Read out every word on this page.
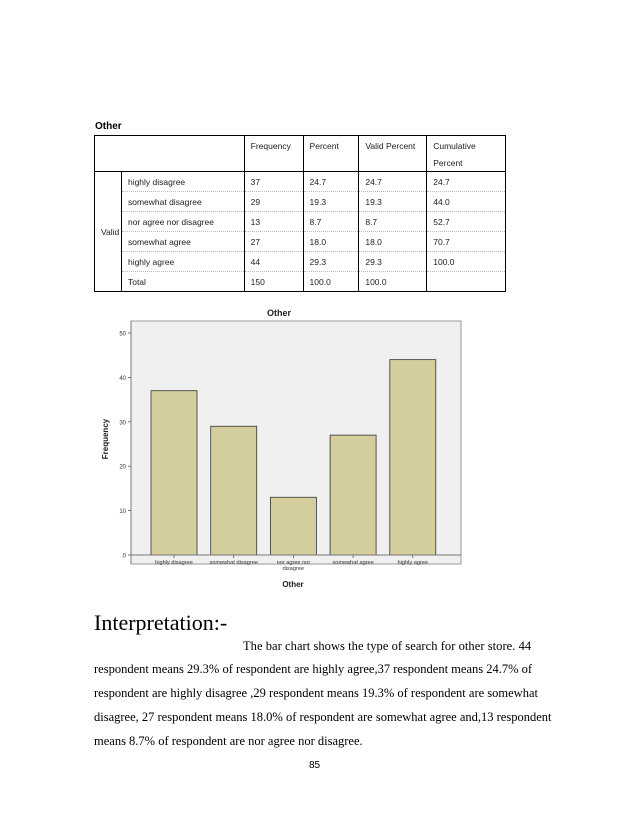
Other
		Frequency	Percent	Valid Percent	Cumulative
					Percent
Valid	highly disagree	37	24.7	24.7	24.7
	somewhat disagree	29	19.3	19.3	44.0
	nor agree nor disagree	13	8.7	8.7	52.7
	somewhat agree	27	18.0	18.0	70.7
	highly agree	44	29.3	29.3	100.0
	Total	150	100.0	100.0	
Other
Frequency
Other
0
10
20
30
40
50
highly disagree	somewhat disagree	nor agree nor
disagree
somewhat agree	highly agree
Interpretation:-
The bar chart shows the type of search for other store. 44
respondent means 29.3% of respondent are highly agree,37 respondent means 24.7% of
respondent are highly disagree ,29 respondent means 19.3% of respondent are somewhat
disagree, 27 respondent means 18.0% of respondent are somewhat agree and,13 respondent
means 8.7% of respondent are nor agree nor disagree.
85
